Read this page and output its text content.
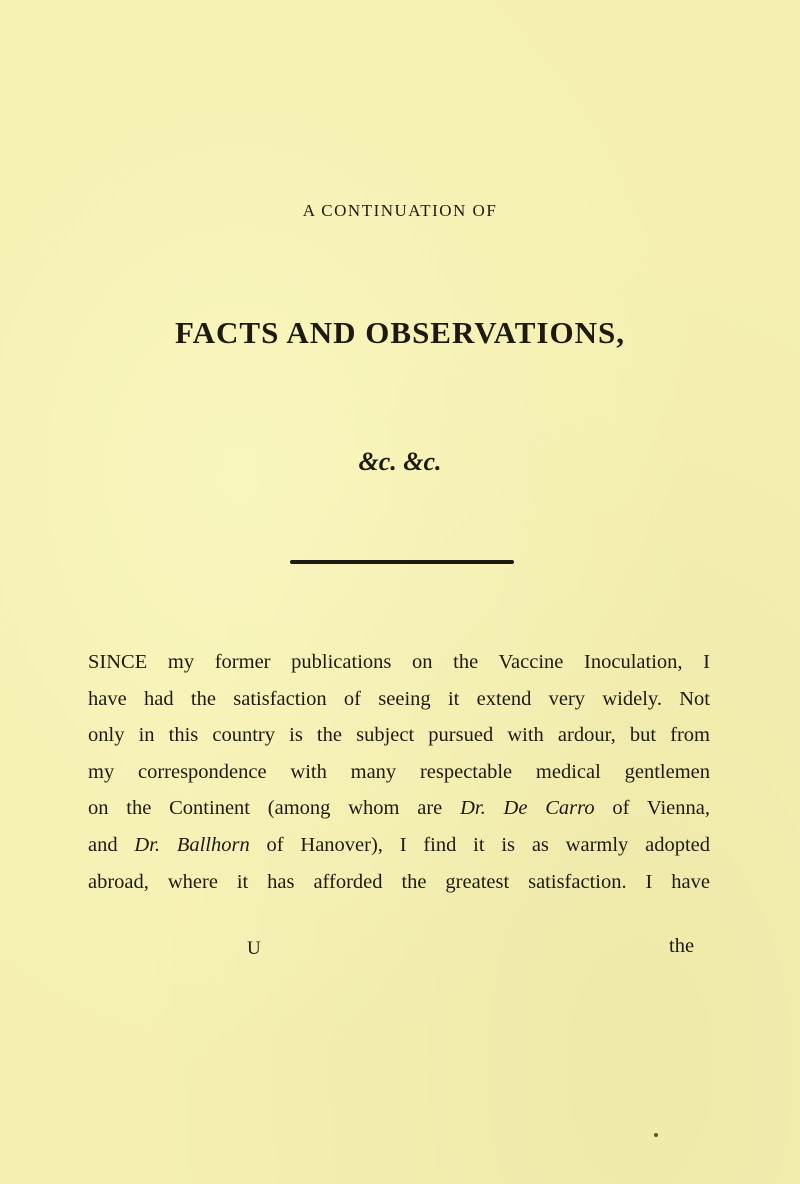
A CONTINUATION OF
FACTS AND OBSERVATIONS,
&c. &c.
SINCE my former publications on the Vaccine Inoculation, I
have had the satisfaction of seeing it extend very widely. Not
only in this country is the subject pursued with ardour, but from
my correspondence with many respectable medical gentlemen
on the Continent (among whom are Dr. De Carro of Vienna,
and Dr. Ballhorn of Hanover), I find it is as warmly adopted
abroad, where it has afforded the greatest satisfaction. I have
U	the
